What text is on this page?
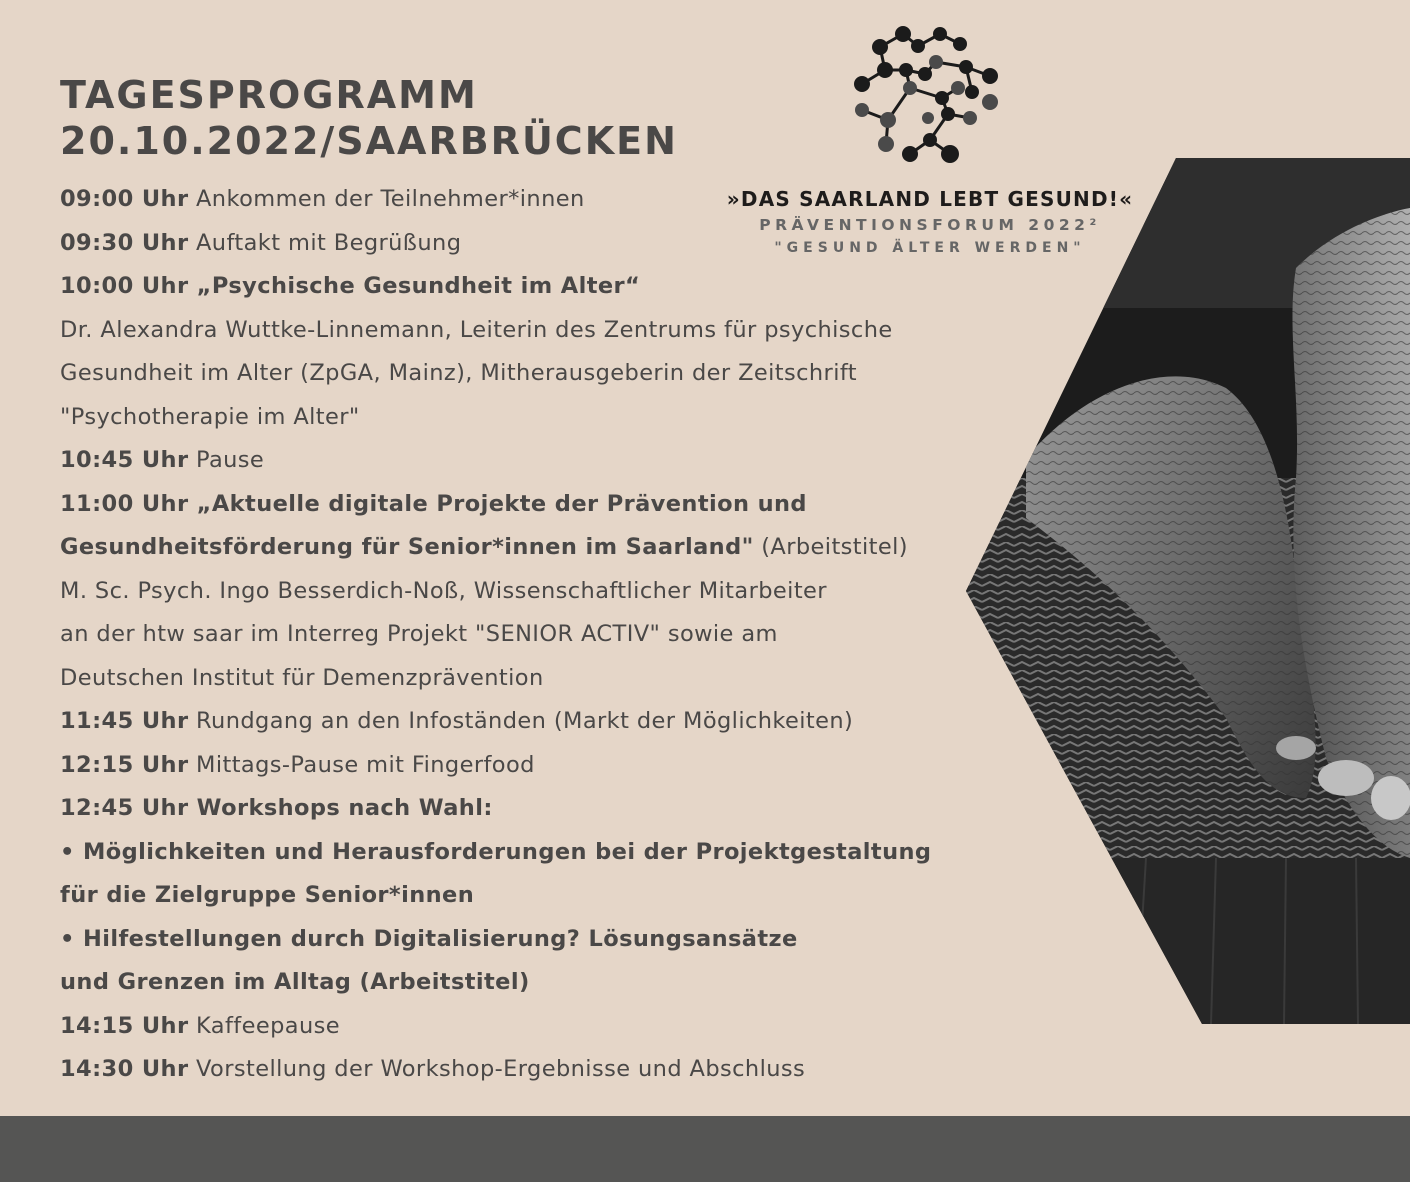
TAGESPROGRAMM
20.10.2022/SAARBRÜCKEN
»DAS SAARLAND LEBT GESUND!«
PRÄVENTIONSFORUM 2022²
"GESUND ÄLTER WERDEN"
09:00 Uhr Ankommen der Teilnehmer*innen
09:30 Uhr Auftakt mit Begrüßung
10:00 Uhr „Psychische Gesundheit im Alter“
Dr. Alexandra Wuttke-Linnemann, Leiterin des Zentrums für psychische
Gesundheit im Alter (ZpGA, Mainz), Mitherausgeberin der Zeitschrift
"Psychotherapie im Alter"
10:45 Uhr Pause
11:00 Uhr „Aktuelle digitale Projekte der Prävention und
Gesundheitsförderung für Senior*innen im Saarland" (Arbeitstitel)
M. Sc. Psych. Ingo Besserdich-Noß, Wissenschaftlicher Mitarbeiter
an der htw saar im Interreg Projekt "SENIOR ACTIV" sowie am
Deutschen Institut für Demenzprävention
11:45 Uhr Rundgang an den Infoständen (Markt der Möglichkeiten)
12:15 Uhr Mittags-Pause mit Fingerfood
12:45 Uhr Workshops nach Wahl:
• Möglichkeiten und Herausforderungen bei der Projektgestaltung
für die Zielgruppe Senior*innen
• Hilfestellungen durch Digitalisierung? Lösungsansätze
und Grenzen im Alltag (Arbeitstitel)
14:15 Uhr Kaffeepause
14:30 Uhr Vorstellung der Workshop-Ergebnisse und Abschluss
